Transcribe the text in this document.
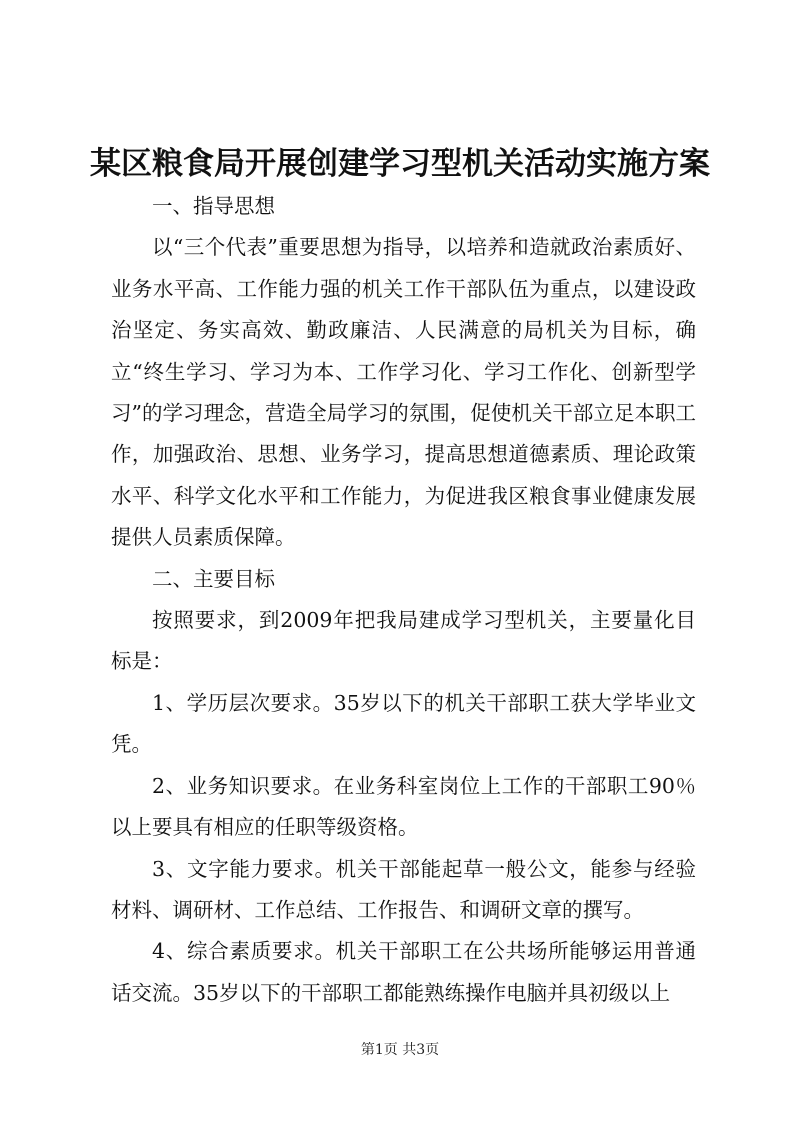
某区粮食局开展创建学习型机关活动实施方案

一、指导思想

以“三个代表”重要思想为指导，以培养和造就政治素质好、业务水平高、工作能力强的机关工作干部队伍为重点，以建设政治坚定、务实高效、勤政廉洁、人民满意的局机关为目标，确立“终生学习、学习为本、工作学习化、学习工作化、创新型学习”的学习理念，营造全局学习的氛围，促使机关干部立足本职工作，加强政治、思想、业务学习，提高思想道德素质、理论政策水平、科学文化水平和工作能力，为促进我区粮食事业健康发展提供人员素质保障。

二、主要目标

按照要求，到2009年把我局建成学习型机关，主要量化目标是：

1、学历层次要求。35岁以下的机关干部职工获大学毕业文凭。

2、业务知识要求。在业务科室岗位上工作的干部职工90％以上要具有相应的任职等级资格。

3、文字能力要求。机关干部能起草一般公文，能参与经验材料、调研材、工作总结、工作报告、和调研文章的撰写。

4、综合素质要求。机关干部职工在公共场所能够运用普通话交流。35岁以下的干部职工都能熟练操作电脑并具初级以上

第1页 共3页
